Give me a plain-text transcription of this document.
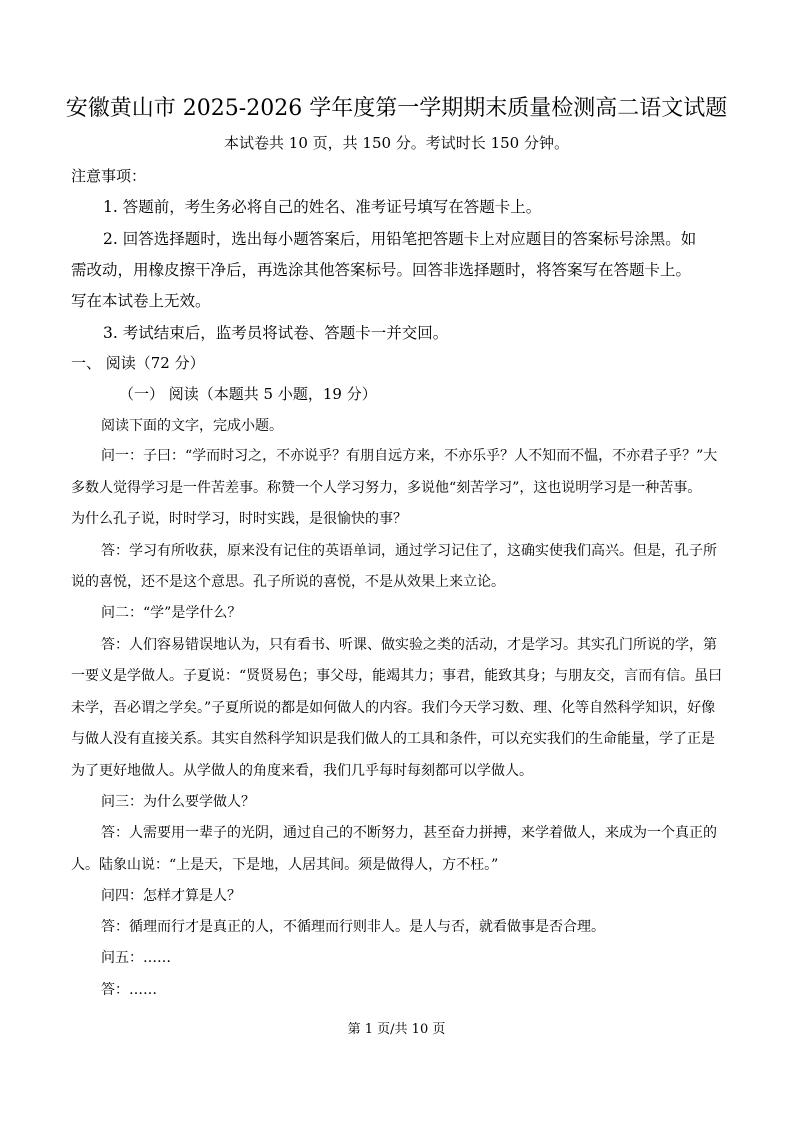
安徽黄山市 2025-2026 学年度第一学期期末质量检测高二语文试题
本试卷共 10 页，共 150 分。考试时长 150 分钟。
注意事项：
1. 答题前，考生务必将自己的姓名、准考证号填写在答题卡上。
2. 回答选择题时，选出每小题答案后，用铅笔把答题卡上对应题目的答案标号涂黑。如
需改动，用橡皮擦干净后，再选涂其他答案标号。回答非选择题时，将答案写在答题卡上。
写在本试卷上无效。
3. 考试结束后，监考员将试卷、答题卡一并交回。
一、 阅读（72 分）
（一） 阅读（本题共 5 小题，19 分）
阅读下面的文字，完成小题。
问一：子曰：“学而时习之，不亦说乎？有朋自远方来，不亦乐乎？人不知而不愠，不亦君子乎？”大
多数人觉得学习是一件苦差事。称赞一个人学习努力，多说他“刻苦学习”，这也说明学习是一种苦事。
为什么孔子说，时时学习，时时实践，是很愉快的事？
答：学习有所收获，原来没有记住的英语单词，通过学习记住了，这确实使我们高兴。但是，孔子所
说的喜悦，还不是这个意思。孔子所说的喜悦，不是从效果上来立论。
问二：“学”是学什么？
答：人们容易错误地认为，只有看书、听课、做实验之类的活动，才是学习。其实孔门所说的学，第
一要义是学做人。子夏说：“贤贤易色；事父母，能竭其力；事君，能致其身；与朋友交，言而有信。虽曰
未学，吾必谓之学矣。”子夏所说的都是如何做人的内容。我们今天学习数、理、化等自然科学知识，好像
与做人没有直接关系。其实自然科学知识是我们做人的工具和条件，可以充实我们的生命能量，学了正是
为了更好地做人。从学做人的角度来看，我们几乎每时每刻都可以学做人。
问三：为什么要学做人？
答：人需要用一辈子的光阴，通过自己的不断努力，甚至奋力拼搏，来学着做人，来成为一个真正的
人。陆象山说：“上是天，下是地，人居其间。须是做得人，方不枉。”
问四：怎样才算是人？
答：循理而行才是真正的人，不循理而行则非人。是人与否，就看做事是否合理。
问五：……
答：……
第 1 页/共 10 页
